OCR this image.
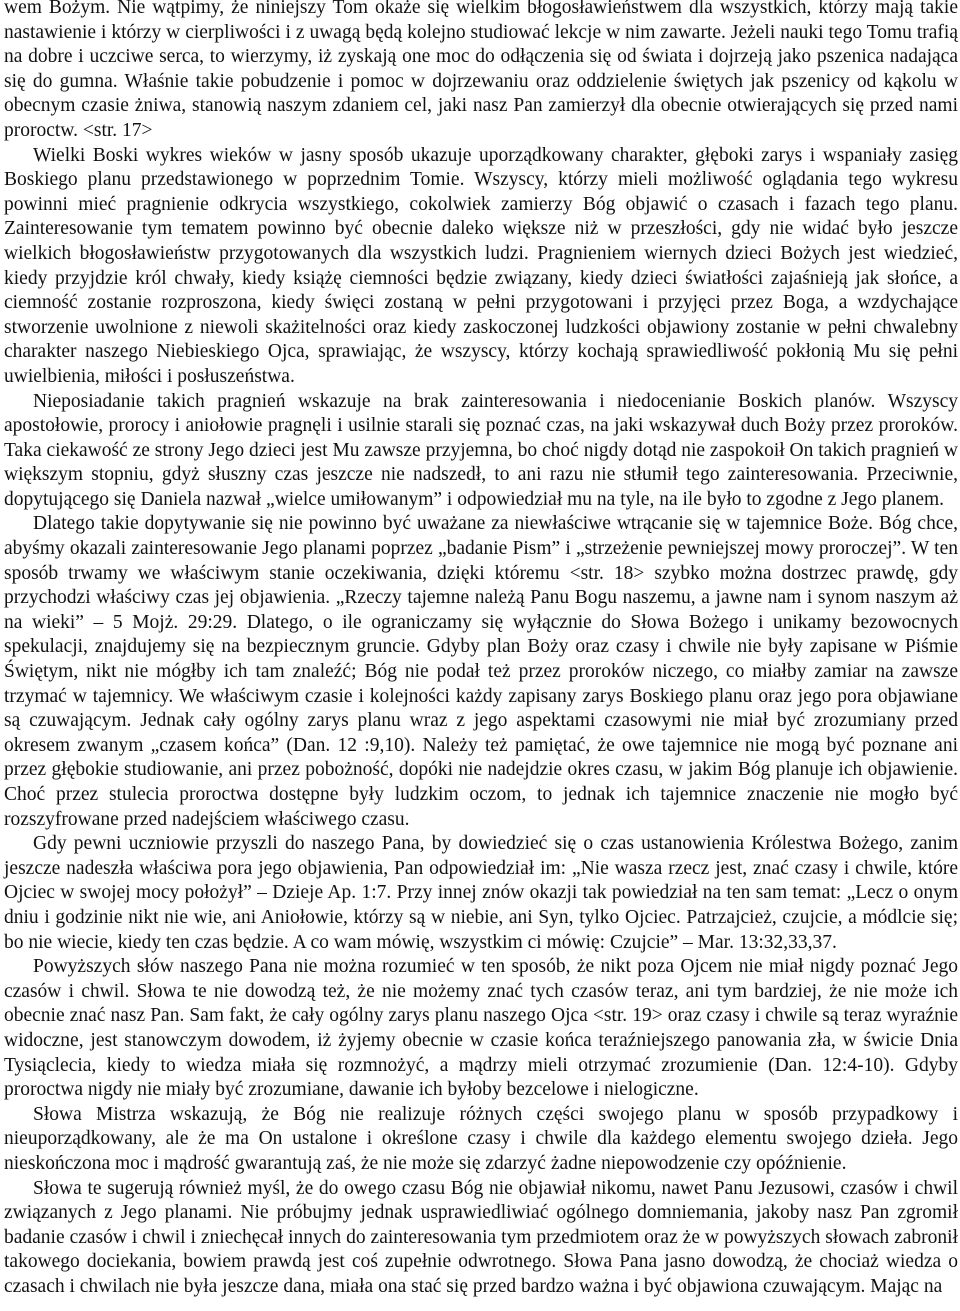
wem Bożym. Nie wątpimy, że niniejszy Tom okaże się wielkim błogosławieństwem dla wszystkich, którzy mają takie nastawienie i którzy w cierpliwości i z uwagą będą kolejno studiować lekcje w nim zawarte. Jeżeli nauki tego Tomu trafią na dobre i uczciwe serca, to wierzymy, iż zyskają one moc do odłączenia się od świata i dojrzeją jako pszenica nadająca się do gumna. Właśnie takie pobudzenie i pomoc w dojrzewaniu oraz oddzielenie świętych jak pszenicy od kąkolu w obecnym czasie żniwa, stanowią naszym zdaniem cel, jaki nasz Pan zamierzył dla obecnie otwierających się przed nami proroctw. <str. 17>

Wielki Boski wykres wieków w jasny sposób ukazuje uporządkowany charakter, głęboki zarys i wspaniały zasięg Boskiego planu przedstawionego w poprzednim Tomie. Wszyscy, którzy mieli możliwość oglądania tego wykresu powinni mieć pragnienie odkrycia wszystkiego, cokolwiek zamierzy Bóg objawić o czasach i fazach tego planu. Zainteresowanie tym tematem powinno być obecnie daleko większe niż w przeszłości, gdy nie widać było jeszcze wielkich błogosławieństw przygotowanych dla wszystkich ludzi. Pragnieniem wiernych dzieci Bożych jest wiedzieć, kiedy przyjdzie król chwały, kiedy książę ciemności będzie związany, kiedy dzieci światłości zajaśnieją jak słońce, a ciemność zostanie rozproszona, kiedy święci zostaną w pełni przygotowani i przyjęci przez Boga, a wzdychające stworzenie uwolnione z niewoli skażitelności oraz kiedy zaskoczonej ludzkości objawiony zostanie w pełni chwalebny charakter naszego Niebieskiego Ojca, sprawiając, że wszyscy, którzy kochają sprawiedliwość pokłonią Mu się pełni uwielbienia, miłości i posłuszeństwa.

Nieposiadanie takich pragnień wskazuje na brak zainteresowania i niedocenianie Boskich planów. Wszyscy apostołowie, prorocy i aniołowie pragnęli i usilnie starali się poznać czas, na jaki wskazywał duch Boży przez proroków. Taka ciekawość ze strony Jego dzieci jest Mu zawsze przyjemna, bo choć nigdy dotąd nie zaspokoił On takich pragnień w większym stopniu, gdyż słuszny czas jeszcze nie nadszedł, to ani razu nie stłumił tego zainteresowania. Przeciwnie, dopytującego się Daniela nazwał „wielce umiłowanym” i odpowiedział mu na tyle, na ile było to zgodne z Jego planem.

Dlatego takie dopytywanie się nie powinno być uważane za niewłaściwe wtrącanie się w tajemnice Boże. Bóg chce, abyśmy okazali zainteresowanie Jego planami poprzez „badanie Pism” i „strzeżenie pewniejszej mowy proroczej”. W ten sposób trwamy we właściwym stanie oczekiwania, dzięki któremu <str. 18> szybko można dostrzec prawdę, gdy przychodzi właściwy czas jej objawienia. „Rzeczy tajemne należą Panu Bogu naszemu, a jawne nam i synom naszym aż na wieki” – 5 Mojż. 29:29. Dlatego, o ile ograniczamy się wyłącznie do Słowa Bożego i unikamy bezowocnych spekulacji, znajdujemy się na bezpiecznym gruncie. Gdyby plan Boży oraz czasy i chwile nie były zapisane w Piśmie Świętym, nikt nie mógłby ich tam znaleźć; Bóg nie podał też przez proroków niczego, co miałby zamiar na zawsze trzymać w tajemnicy. We właściwym czasie i kolejności każdy zapisany zarys Boskiego planu oraz jego pora objawiane są czuwającym. Jednak cały ogólny zarys planu wraz z jego aspektami czasowymi nie miał być zrozumiany przed okresem zwanym „czasem końca” (Dan. 12 :9,10). Należy też pamiętać, że owe tajemnice nie mogą być poznane ani przez głębokie studiowanie, ani przez pobożność, dopóki nie nadejdzie okres czasu, w jakim Bóg planuje ich objawienie. Choć przez stulecia proroctwa dostępne były ludzkim oczom, to jednak ich tajemnice znaczenie nie mogło być rozszyfrowane przed nadejściem właściwego czasu.

Gdy pewni uczniowie przyszli do naszego Pana, by dowiedzieć się o czas ustanowienia Królestwa Bożego, zanim jeszcze nadeszła właściwa pora jego objawienia, Pan odpowiedział im: „Nie wasza rzecz jest, znać czasy i chwile, które Ojciec w swojej mocy położył” – Dzieje Ap. 1:7. Przy innej znów okazji tak powiedział na ten sam temat: „Lecz o onym dniu i godzinie nikt nie wie, ani Aniołowie, którzy są w niebie, ani Syn, tylko Ojciec. Patrzajcież, czujcie, a módlcie się; bo nie wiecie, kiedy ten czas będzie. A co wam mówię, wszystkim ci mówię: Czujcie” – Mar. 13:32,33,37.

Powyższych słów naszego Pana nie można rozumieć w ten sposób, że nikt poza Ojcem nie miał nigdy poznać Jego czasów i chwil. Słowa te nie dowodzą też, że nie możemy znać tych czasów teraz, ani tym bardziej, że nie może ich obecnie znać nasz Pan. Sam fakt, że cały ogólny zarys planu naszego Ojca <str. 19> oraz czasy i chwile są teraz wyraźnie widoczne, jest stanowczym dowodem, iż żyjemy obecnie w czasie końca teraźniejszego panowania zła, w świcie Dnia Tysiąclecia, kiedy to wiedza miała się rozmnożyć, a mądrzy mieli otrzymać zrozumienie (Dan. 12:4-10). Gdyby proroctwa nigdy nie miały być zrozumiane, dawanie ich byłoby bezcelowe i nielogiczne.

Słowa Mistrza wskazują, że Bóg nie realizuje różnych części swojego planu w sposób przypadkowy i nieuporządkowany, ale że ma On ustalone i określone czasy i chwile dla każdego elementu swojego dzieła. Jego nieskończona moc i mądrość gwarantują zaś, że nie może się zdarzyć żadne niepowodzenie czy opóźnienie.

Słowa te sugerują również myśl, że do owego czasu Bóg nie objawiał nikomu, nawet Panu Jezusowi, czasów i chwil związanych z Jego planami. Nie próbujmy jednak usprawiedliwiać ogólnego domniemania, jakoby nasz Pan zgromił badanie czasów i chwil i zniechęcał innych do zainteresowania tym przedmiotem oraz że w powyższych słowach zabronił takowego dociekania, bowiem prawdą jest coś zupełnie odwrotnego. Słowa Pana jasno dowodzą, że chociaż wiedza o czasach i chwilach nie była jeszcze dana, miała ona stać się przed bardzo ważna i być objawiona czuwającym. Mając na
